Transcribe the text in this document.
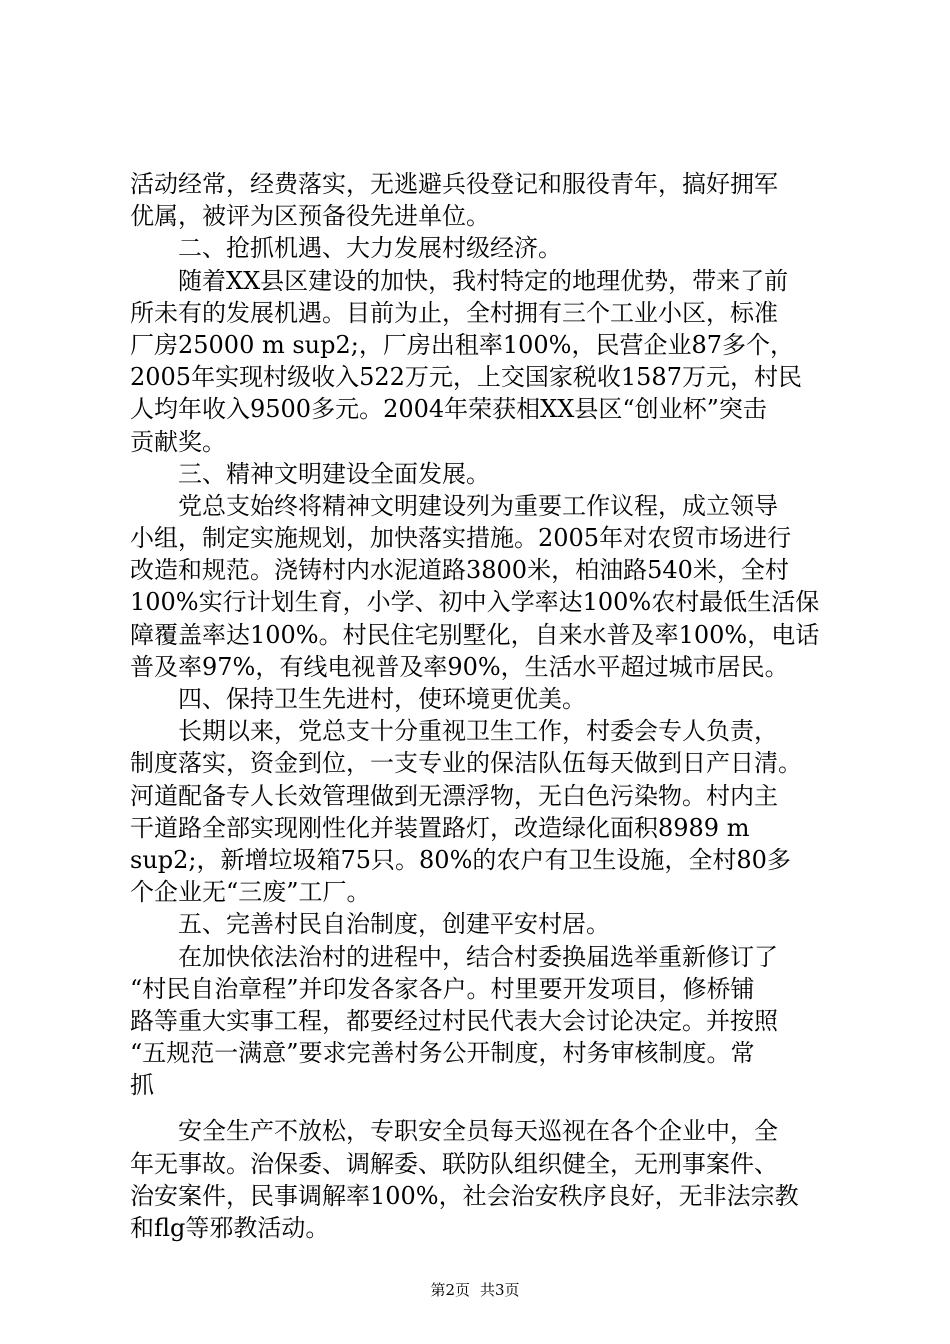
活动经常，经费落实，无逃避兵役登记和服役青年，搞好拥军
优属，被评为区预备役先进单位。
二、抢抓机遇、大力发展村级经济。
随着XX县区建设的加快，我村特定的地理优势，带来了前
所未有的发展机遇。目前为止，全村拥有三个工业小区，标准
厂房25000 m sup2;，厂房出租率100%，民营企业87多个，
2005年实现村级收入522万元，上交国家税收1587万元，村民
人均年收入9500多元。2004年荣获相XX县区“创业杯”突击
贡献奖。
三、精神文明建设全面发展。
党总支始终将精神文明建设列为重要工作议程，成立领导
小组，制定实施规划，加快落实措施。2005年对农贸市场进行
改造和规范。浇铸村内水泥道路3800米，柏油路540米，全村
100%实行计划生育，小学、初中入学率达100%农村最低生活保
障覆盖率达100%。村民住宅别墅化，自来水普及率100%，电话
普及率97%，有线电视普及率90%，生活水平超过城市居民。
四、保持卫生先进村，使环境更优美。
长期以来，党总支十分重视卫生工作，村委会专人负责，
制度落实，资金到位，一支专业的保洁队伍每天做到日产日清。
河道配备专人长效管理做到无漂浮物，无白色污染物。村内主
干道路全部实现刚性化并装置路灯，改造绿化面积8989 m
sup2;，新增垃圾箱75只。80%的农户有卫生设施，全村80多
个企业无“三废”工厂。
五、完善村民自治制度，创建平安村居。
在加快依法治村的进程中，结合村委换届选举重新修订了
“村民自治章程”并印发各家各户。村里要开发项目，修桥铺
路等重大实事工程，都要经过村民代表大会讨论决定。并按照
“五规范一满意”要求完善村务公开制度，村务审核制度。常
抓
安全生产不放松，专职安全员每天巡视在各个企业中，全
年无事故。治保委、调解委、联防队组织健全，无刑事案件、
治安案件，民事调解率100%，社会治安秩序良好，无非法宗教
和flg等邪教活动。
第2页 共3页
